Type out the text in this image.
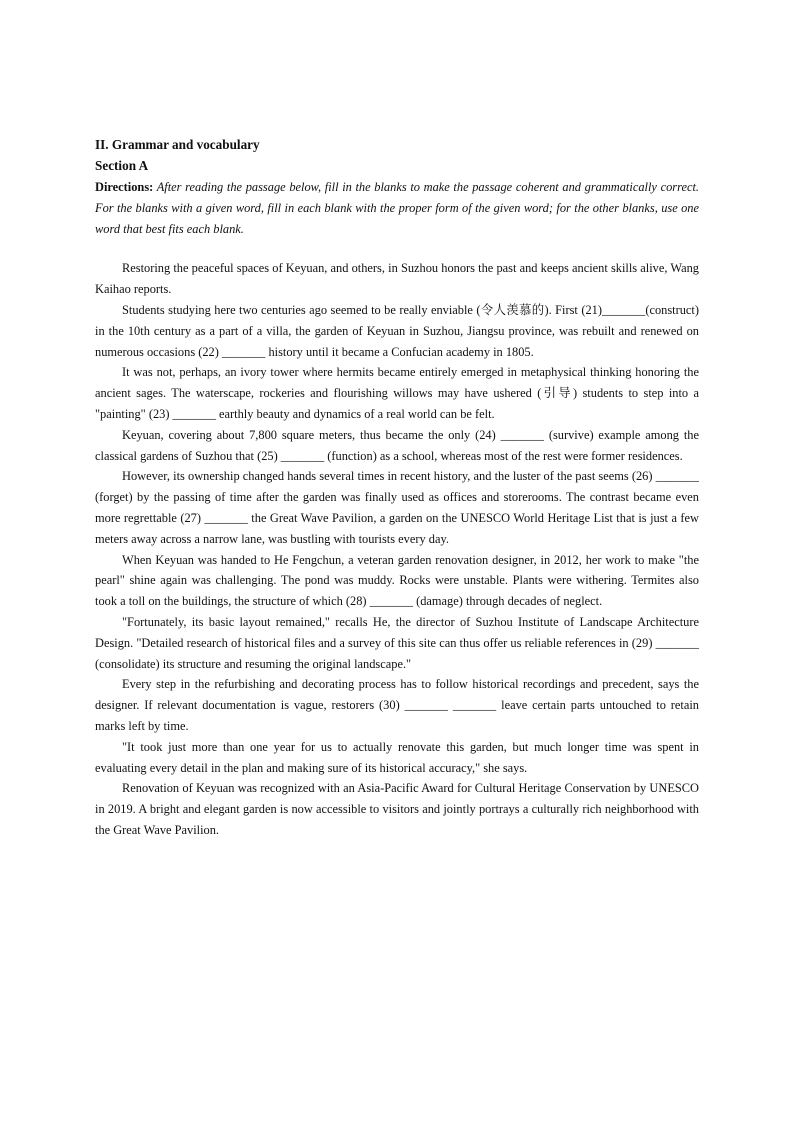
II. Grammar and vocabulary
Section A
Directions: After reading the passage below, fill in the blanks to make the passage coherent and grammatically correct. For the blanks with a given word, fill in each blank with the proper form of the given word; for the other blanks, use one word that best fits each blank.

Restoring the peaceful spaces of Keyuan, and others, in Suzhou honors the past and keeps ancient skills alive, Wang Kaihao reports.

Students studying here two centuries ago seemed to be really enviable (令人羡慕的). First (21)_______(construct) in the 10th century as a part of a villa, the garden of Keyuan in Suzhou, Jiangsu province, was rebuilt and renewed on numerous occasions (22) _______ history until it became a Confucian academy in 1805.

It was not, perhaps, an ivory tower where hermits became entirely emerged in metaphysical thinking honoring the ancient sages. The waterscape, rockeries and flourishing willows may have ushered (引导) students to step into a "painting" (23) _______ earthly beauty and dynamics of a real world can be felt.

Keyuan, covering about 7,800 square meters, thus became the only (24) _______ (survive) example among the classical gardens of Suzhou that (25) _______ (function) as a school, whereas most of the rest were former residences.

However, its ownership changed hands several times in recent history, and the luster of the past seems (26) _______ (forget) by the passing of time after the garden was finally used as offices and storerooms. The contrast became even more regrettable (27) _______ the Great Wave Pavilion, a garden on the UNESCO World Heritage List that is just a few meters away across a narrow lane, was bustling with tourists every day.

When Keyuan was handed to He Fengchun, a veteran garden renovation designer, in 2012, her work to make "the pearl" shine again was challenging. The pond was muddy. Rocks were unstable. Plants were withering. Termites also took a toll on the buildings, the structure of which (28) _______ (damage) through decades of neglect.

"Fortunately, its basic layout remained," recalls He, the director of Suzhou Institute of Landscape Architecture Design. "Detailed research of historical files and a survey of this site can thus offer us reliable references in (29) _______ (consolidate) its structure and resuming the original landscape."

Every step in the refurbishing and decorating process has to follow historical recordings and precedent, says the designer. If relevant documentation is vague, restorers (30) _______ _______ leave certain parts untouched to retain marks left by time.

"It took just more than one year for us to actually renovate this garden, but much longer time was spent in evaluating every detail in the plan and making sure of its historical accuracy," she says.

Renovation of Keyuan was recognized with an Asia-Pacific Award for Cultural Heritage Conservation by UNESCO in 2019. A bright and elegant garden is now accessible to visitors and jointly portrays a culturally rich neighborhood with the Great Wave Pavilion.
